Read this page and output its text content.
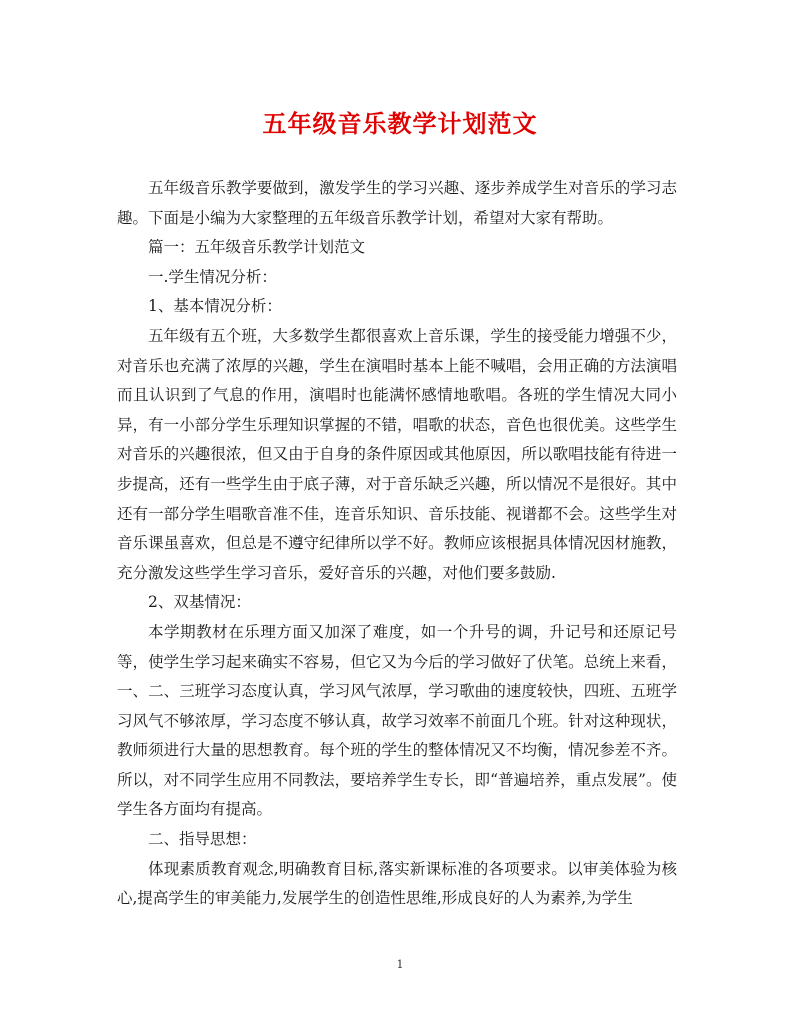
五年级音乐教学计划范文

五年级音乐教学要做到，激发学生的学习兴趣、逐步养成学生对音乐的学习志趣。下面是小编为大家整理的五年级音乐教学计划，希望对大家有帮助。

篇一：五年级音乐教学计划范文

一.学生情况分析：

1、基本情况分析：

五年级有五个班，大多数学生都很喜欢上音乐课，学生的接受能力增强不少，对音乐也充满了浓厚的兴趣，学生在演唱时基本上能不喊唱，会用正确的方法演唱而且认识到了气息的作用，演唱时也能满怀感情地歌唱。各班的学生情况大同小异，有一小部分学生乐理知识掌握的不错，唱歌的状态，音色也很优美。这些学生对音乐的兴趣很浓，但又由于自身的条件原因或其他原因，所以歌唱技能有待进一步提高，还有一些学生由于底子薄，对于音乐缺乏兴趣，所以情况不是很好。其中还有一部分学生唱歌音准不佳，连音乐知识、音乐技能、视谱都不会。这些学生对音乐课虽喜欢，但总是不遵守纪律所以学不好。教师应该根据具体情况因材施教，充分激发这些学生学习音乐，爱好音乐的兴趣，对他们要多鼓励.

2、双基情况：

本学期教材在乐理方面又加深了难度，如一个升号的调，升记号和还原记号等，使学生学习起来确实不容易，但它又为今后的学习做好了伏笔。总统上来看，一、二、三班学习态度认真，学习风气浓厚，学习歌曲的速度较快，四班、五班学习风气不够浓厚，学习态度不够认真，故学习效率不前面几个班。针对这种现状，教师须进行大量的思想教育。每个班的学生的整体情况又不均衡，情况参差不齐。所以，对不同学生应用不同教法，要培养学生专长，即“普遍培养，重点发展”。使学生各方面均有提高。

二、指导思想：

体现素质教育观念,明确教育目标,落实新课标准的各项要求。以审美体验为核心,提高学生的审美能力,发展学生的创造性思维,形成良好的人为素养,为学生

1
